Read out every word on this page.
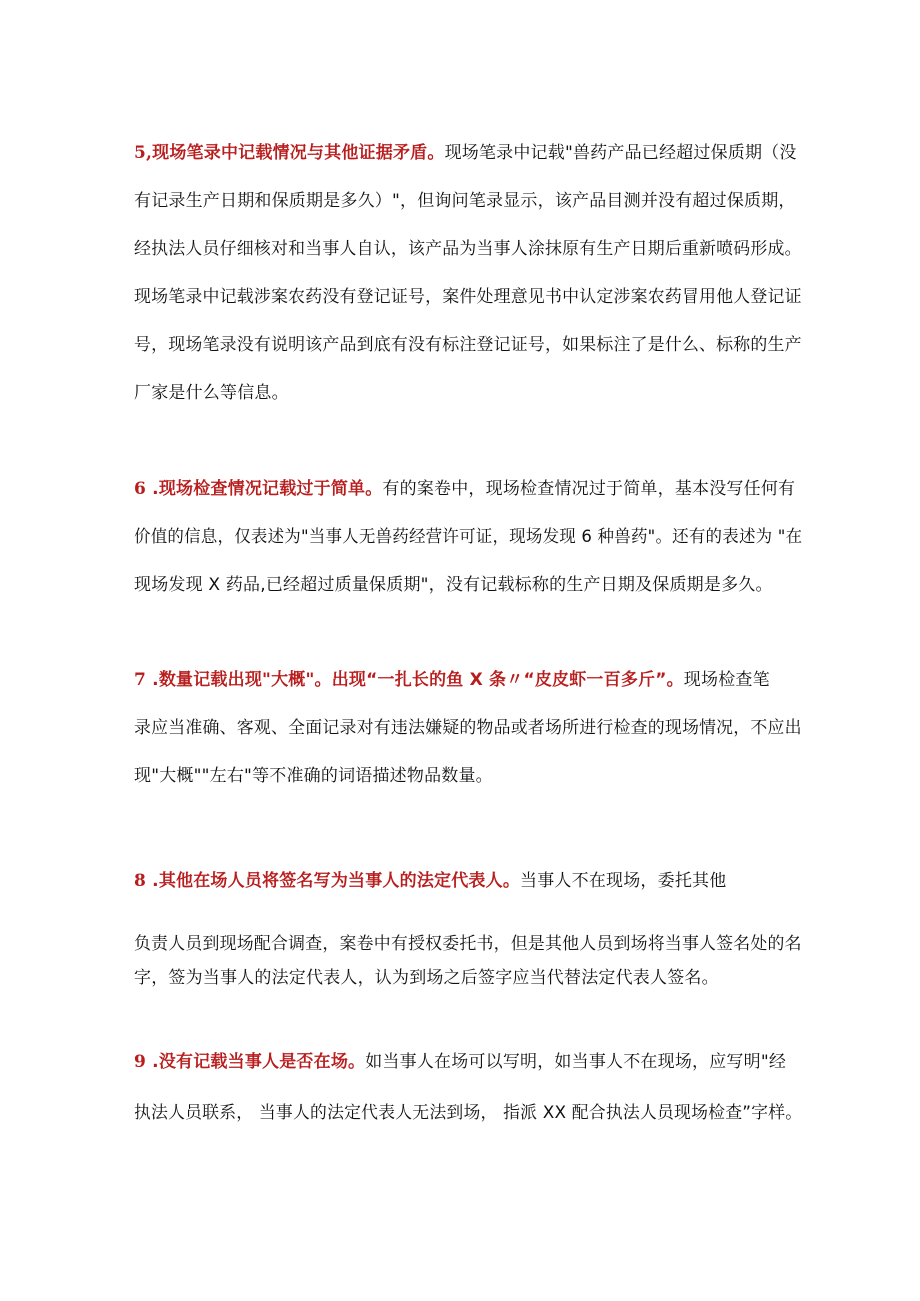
5,现场笔录中记载情况与其他证据矛盾。现场笔录中记载"兽药产品已经超过保质期（没
有记录生产日期和保质期是多久）"，但询问笔录显示，该产品目测并没有超过保质期，
经执法人员仔细核对和当事人自认，该产品为当事人涂抹原有生产日期后重新喷码形成。
现场笔录中记载涉案农药没有登记证号，案件处理意见书中认定涉案农药冒用他人登记证
号，现场笔录没有说明该产品到底有没有标注登记证号，如果标注了是什么、标称的生产
厂家是什么等信息。
6 .现场检查情况记载过于简单。有的案卷中，现场检查情况过于简单，基本没写任何有
价值的信息，仅表述为"当事人无兽药经营许可证，现场发现 6 种兽药"。还有的表述为 "在
现场发现 X 药品,已经超过质量保质期"，没有记载标称的生产日期及保质期是多久。
7 .数量记载出现"大概"。出现“一扎长的鱼 X 条〃“皮皮虾一百多斤”。现场检查笔
录应当准确、客观、全面记录对有违法嫌疑的物品或者场所进行检查的现场情况，不应出
现"大概""左右"等不准确的词语描述物品数量。
8 .其他在场人员将签名写为当事人的法定代表人。当事人不在现场，委托其他
负责人员到现场配合调查，案卷中有授权委托书，但是其他人员到场将当事人签名处的名
字，签为当事人的法定代表人，认为到场之后签字应当代替法定代表人签名。
9 .没有记载当事人是否在场。如当事人在场可以写明，如当事人不在现场，应写明"经
执法人员联系， 当事人的法定代表人无法到场， 指派 XX 配合执法人员现场检查”字样。
